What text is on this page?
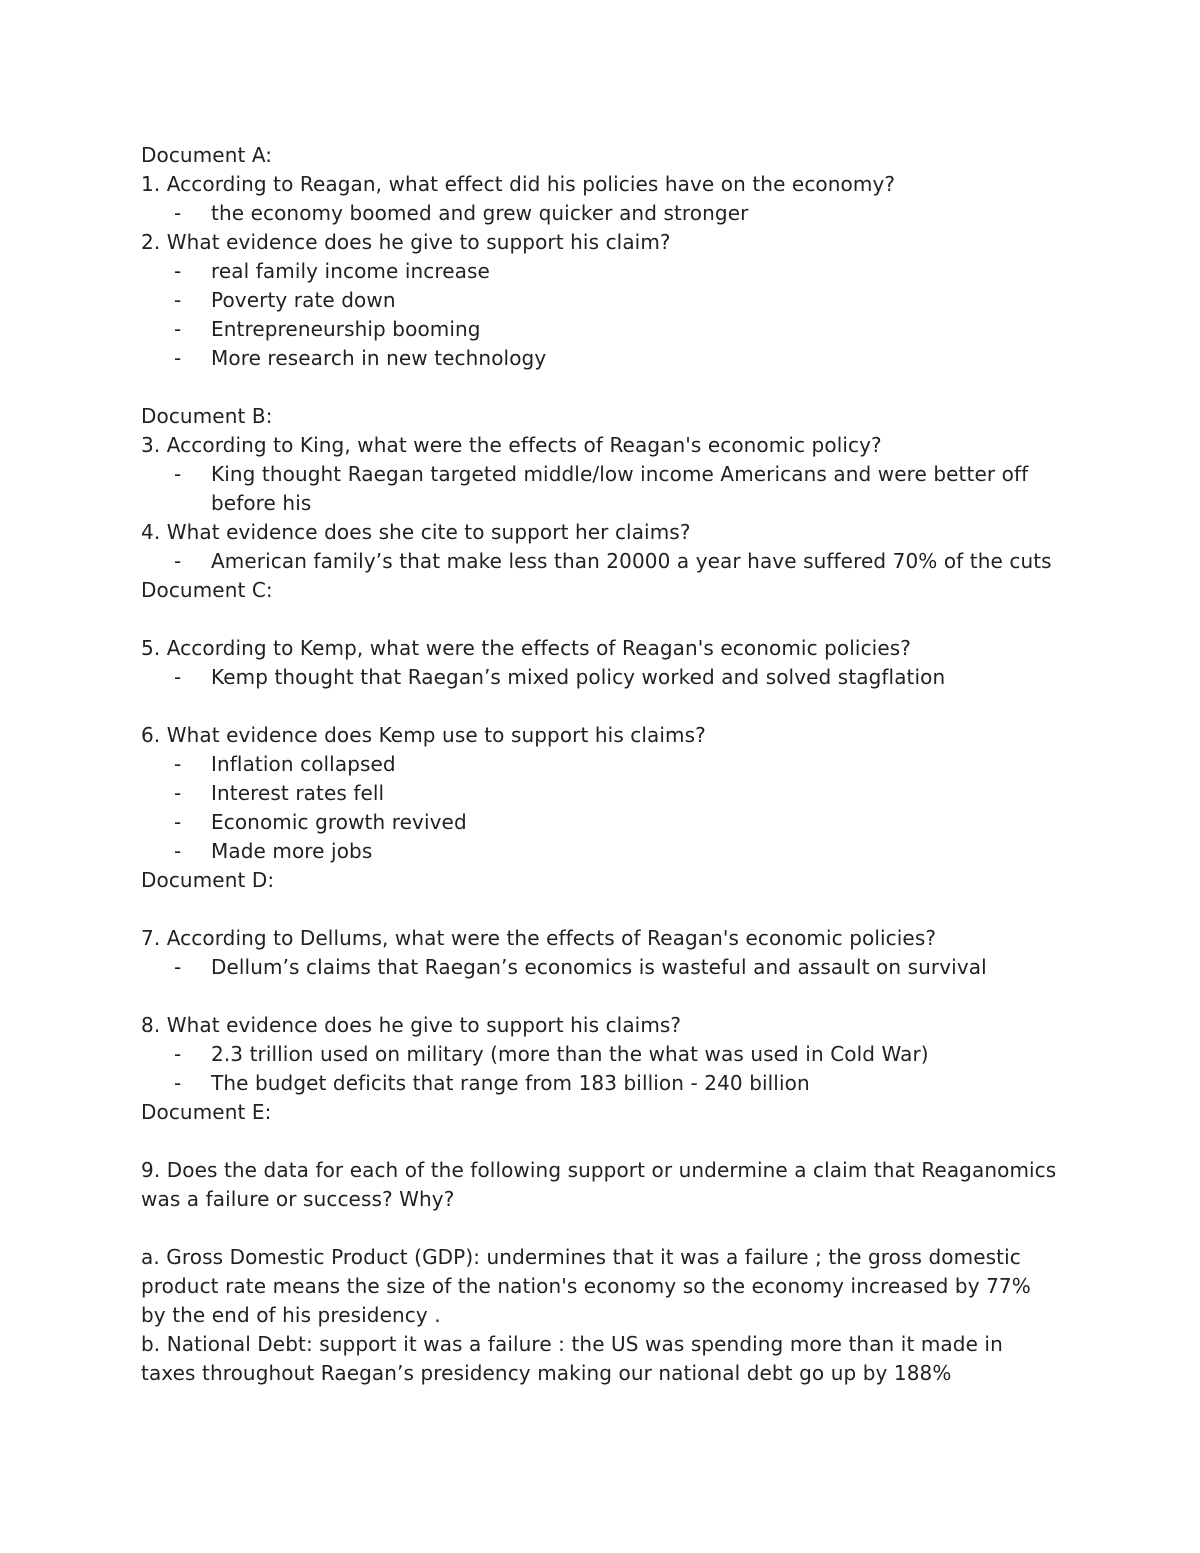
Document A:

1. According to Reagan, what effect did his policies have on the economy?

- the economy boomed and grew quicker and stronger

2. What evidence does he give to support his claim?

- real family income increase

- Poverty rate down

- Entrepreneurship booming

- More research in new technology

Document B:

3. According to King, what were the effects of Reagan's economic policy?

- King thought Raegan targeted middle/low income Americans and were better off before his

4. What evidence does she cite to support her claims?

- American family’s that make less than 20000 a year have suffered 70% of the cuts

Document C:

5. According to Kemp, what were the effects of Reagan's economic policies?

- Kemp thought that Raegan’s mixed policy worked and solved stagflation

6. What evidence does Kemp use to support his claims?

- Inflation collapsed

- Interest rates fell

- Economic growth revived

- Made more jobs

Document D:

7. According to Dellums, what were the effects of Reagan's economic policies?

- Dellum’s claims that Raegan’s economics is wasteful and assault on survival

8. What evidence does he give to support his claims?

- 2.3 trillion used on military (more than the what was used in Cold War)

- The budget deficits that range from 183 billion - 240 billion

Document E:

9. Does the data for each of the following support or undermine a claim that Reaganomics was a failure or success? Why?

a. Gross Domestic Product (GDP): undermines that it was a failure ; the gross domestic product rate means the size of the nation's economy so the economy increased by 77% by the end of his presidency .

b. National Debt: support it was a failure : the US was spending more than it made in taxes throughout Raegan’s presidency making our national debt go up by 188%
